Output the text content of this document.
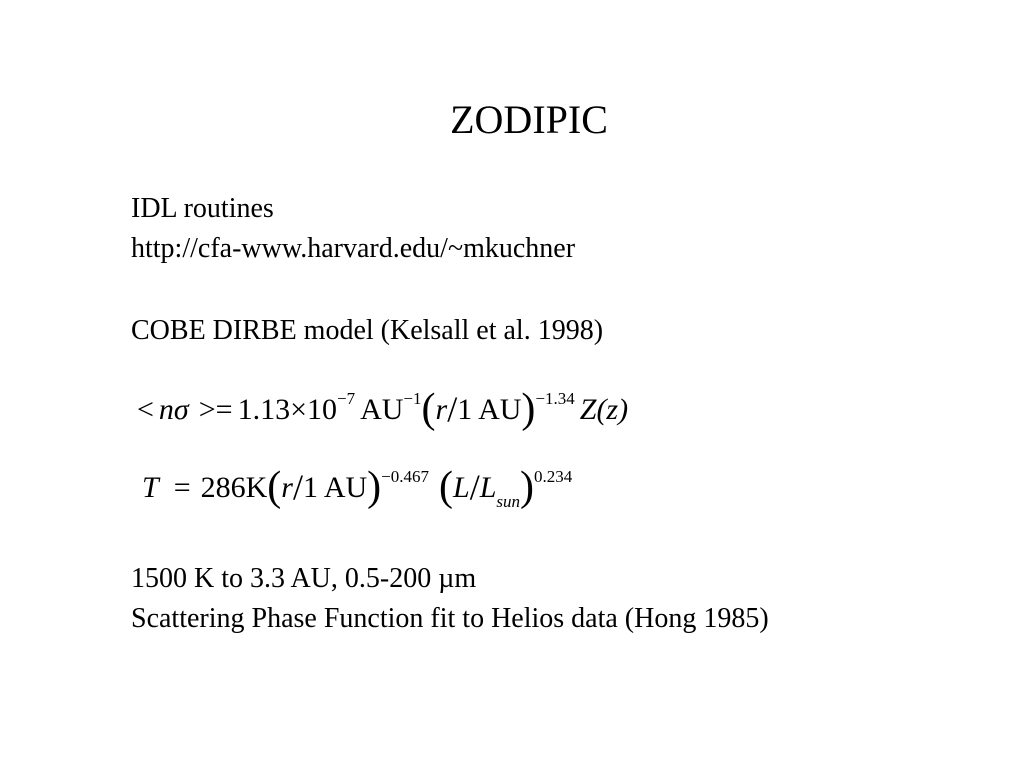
ZODIPIC
IDL routines
http://cfa-www.harvard.edu/~mkuchner
COBE DIRBE model (Kelsall et al. 1998)
< $n\sigma >= 1.13\times 10^{-7}$ $AU^{-1}(r/1$ AU)$^{-1.34}$ Z(z)
T = 286K(r/1 AU)$^{-0.467}$ $(L/L_{sun})^{0.234}$
1500 K to 3.3 AU, 0.5-200 µm
Scattering Phase Function fit to Helios data (Hong 1985)
